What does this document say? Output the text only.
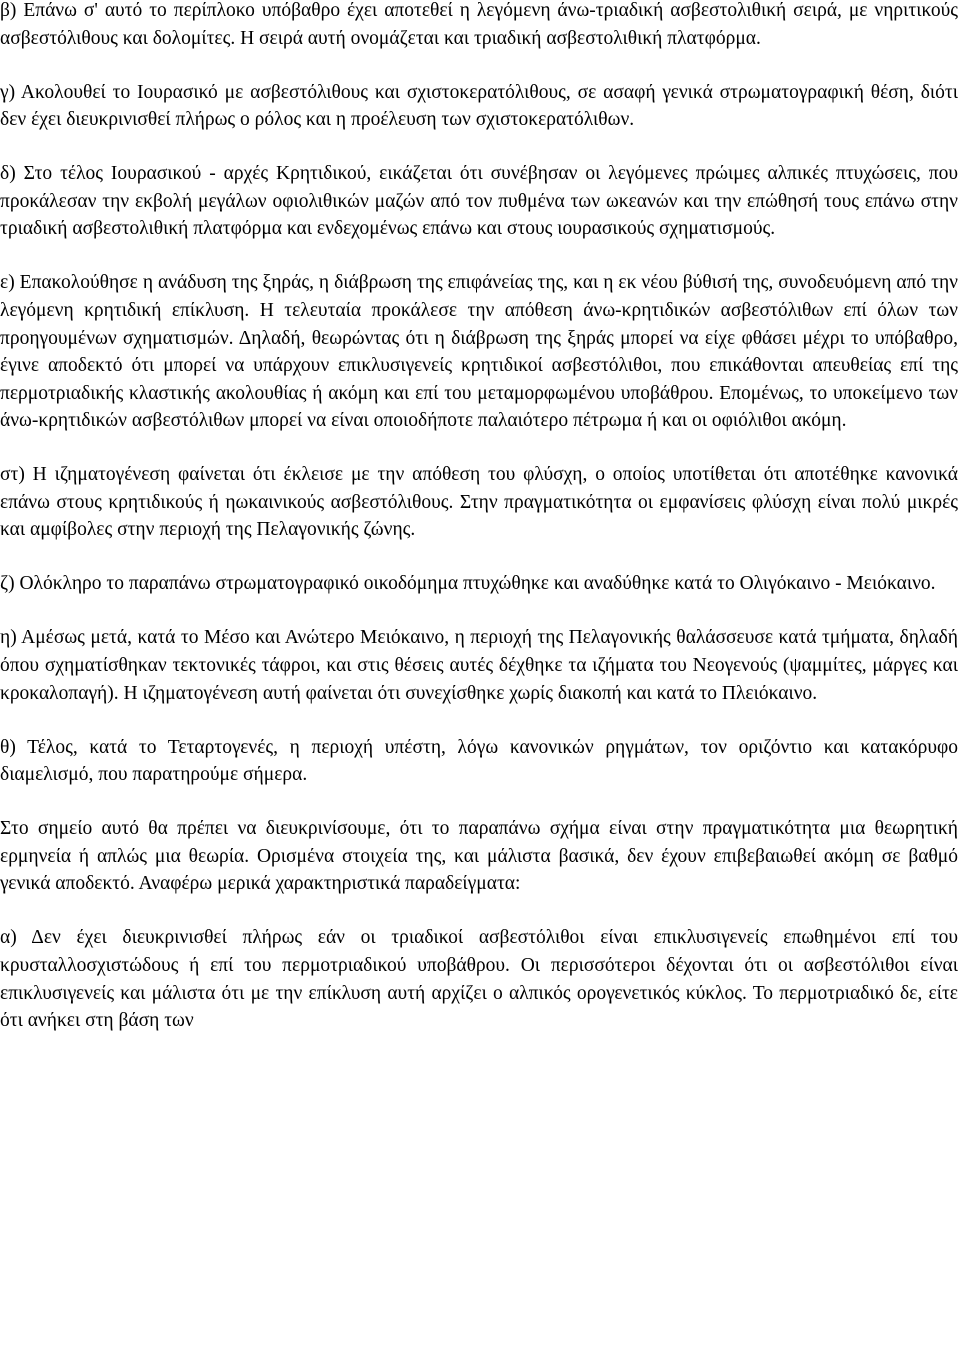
β) Επάνω σ' αυτό το περίπλοκο υπόβαθρο έχει αποτεθεί η λεγόμενη άνω-τριαδική ασβεστολιθική σειρά, με νηριτικούς ασβεστόλιθους και δολομίτες. Η σειρά αυτή ονομάζεται και τριαδική ασβεστολιθική πλατφόρμα.

γ) Ακολουθεί το Ιουρασικό με ασβεστόλιθους και σχιστοκερατόλιθους, σε ασαφή γενικά στρωματογραφική θέση, διότι δεν έχει διευκρινισθεί πλήρως ο ρόλος και η προέλευση των σχιστοκερατόλιθων.

δ) Στο τέλος Ιουρασικού - αρχές Κρητιδικού, εικάζεται ότι συνέβησαν οι λεγόμενες πρώιμες αλπικές πτυχώσεις, που προκάλεσαν την εκβολή μεγάλων οφιολιθικών μαζών από τον πυθμένα των ωκεανών και την επώθησή τους επάνω στην τριαδική ασβεστολιθική πλατφόρμα και ενδεχομένως επάνω και στους ιουρασικούς σχηματισμούς.

ε) Επακολούθησε η ανάδυση της ξηράς, η διάβρωση της επιφάνείας της, και η εκ νέου βύθισή της, συνοδευόμενη από την λεγόμενη κρητιδική επίκλυση. Η τελευταία προκάλεσε την απόθεση άνω-κρητιδικών ασβεστόλιθων επί όλων των προηγουμένων σχηματισμών. Δηλαδή, θεωρώντας ότι η διάβρωση της ξηράς μπορεί να είχε φθάσει μέχρι το υπόβαθρο, έγινε αποδεκτό ότι μπορεί να υπάρχουν επικλυσιγενείς κρητιδικοί ασβεστόλιθοι, που επικάθονται απευθείας επί της περμοτριαδικής κλαστικής ακολουθίας ή ακόμη και επί του μεταμορφωμένου υποβάθρου. Επομένως, το υποκείμενο των άνω-κρητιδικών ασβεστόλιθων μπορεί να είναι οποιοδήποτε παλαιότερο πέτρωμα ή και οι οφιόλιθοι ακόμη.

στ) Η ιζηματογένεση φαίνεται ότι έκλεισε με την απόθεση του φλύσχη, ο οποίος υποτίθεται ότι αποτέθηκε κανονικά επάνω στους κρητιδικούς ή ηωκαινικούς ασβεστόλιθους. Στην πραγματικότητα οι εμφανίσεις φλύσχη είναι πολύ μικρές και αμφίβολες στην περιοχή της Πελαγονικής ζώνης.

ζ) Ολόκληρο το παραπάνω στρωματογραφικό οικοδόμημα πτυχώθηκε και αναδύθηκε κατά το Ολιγόκαινο - Μειόκαινο.

η) Αμέσως μετά, κατά το Μέσο και Ανώτερο Μειόκαινο, η περιοχή της Πελαγονικής θαλάσσευσε κατά τμήματα, δηλαδή όπου σχηματίσθηκαν τεκτονικές τάφροι, και στις θέσεις αυτές δέχθηκε τα ιζήματα του Νεογενούς (ψαμμίτες, μάργες και κροκαλοπαγή). Η ιζηματογένεση αυτή φαίνεται ότι συνεχίσθηκε χωρίς διακοπή και κατά το Πλειόκαινο.

θ) Τέλος, κατά το Τεταρτογενές, η περιοχή υπέστη, λόγω κανονικών ρηγμάτων, τον οριζόντιο και κατακόρυφο διαμελισμό, που παρατηρούμε σήμερα.

Στο σημείο αυτό θα πρέπει να διευκρινίσουμε, ότι το παραπάνω σχήμα είναι στην πραγματικότητα μια θεωρητική ερμηνεία ή απλώς μια θεωρία. Ορισμένα στοιχεία της, και μάλιστα βασικά, δεν έχουν επιβεβαιωθεί ακόμη σε βαθμό γενικά αποδεκτό. Αναφέρω μερικά χαρακτηριστικά παραδείγματα:

α) Δεν έχει διευκρινισθεί πλήρως εάν οι τριαδικοί ασβεστόλιθοι είναι επικλυσιγενείς επωθημένοι επί του κρυσταλλοσχιστώδους ή επί του περμοτριαδικού υποβάθρου. Οι περισσότεροι δέχονται ότι οι ασβεστόλιθοι είναι επικλυσιγενείς και μάλιστα ότι με την επίκλυση αυτή αρχίζει ο αλπικός ορογενετικός κύκλος. Το περμοτριαδικό δε, είτε ότι ανήκει στη βάση των
